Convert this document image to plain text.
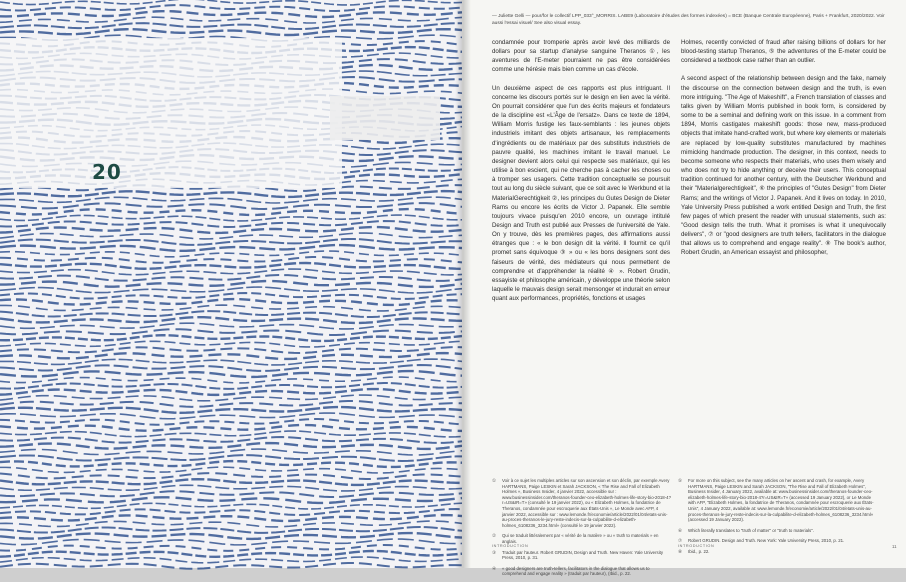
20
— Juliette Gelli — pour/for le collectif LPP_033°_MORRIS. LABE9 (Laboratoire d'études des formes indexées) = BCE (Banque Centrale Européenne), Paris + Frankfurt, 2020/2022. Voir aussi l'essai visuel/ See also visual essay.

condamnée pour tromperie après avoir levé des milliards de dollars pour sa startup d'analyse sanguine Theranos ①, les aventures de l'E-meter pourraient ne pas être considérées comme une hérésie mais bien comme un cas d'école.

Un deuxième aspect de ces rapports est plus intriguant. Il concerne les discours portés sur le design en lien avec la vérité. On pourrait considérer que l'un des écrits majeurs et fondateurs de la discipline est «L'Âge de l'ersatz». Dans ce texte de 1894, William Morris fustige les faux-semblants : les jeunes objets industriels imitant des objets artisanaux, les remplacements d'ingrédients ou de matériaux par des substituts industriels de pauvre qualité, les machines imitant le travail manuel. Le designer devient alors celui qui respecte ses matériaux, qui les utilise à bon escient, qui ne cherche pas à cacher les choses ou à tromper ses usagers. Cette tradition conceptuelle se poursuit tout au long du siècle suivant, que ce soit avec le Werkbund et la MaterialGerechtigkeit ②, les principes du Gutes Design de Dieter Rams ou encore les écrits de Victor J. Papanek. Elle semble toujours vivace puisqu'en 2010 encore, un ouvrage intitulé Design and Truth est publié aux Presses de l'université de Yale. On y trouve, dès les premières pages, des affirmations aussi étranges que : « le bon design dit la vérité. Il fournit ce qu'il promet sans équivoque ③ » ou « les bons designers sont des faiseurs de vérité, des médiateurs qui nous permettent de comprendre et d'appréhender la réalité ④ ». Robert Grudin, essayiste et philosophe américain, y développe une théorie selon laquelle le mauvais design serait mensonger et indurait en erreur quant aux performances, propriétés, fonctions et usages

Holmes, recently convicted of fraud after raising billions of dollars for her blood-testing startup Theranos, ⑤ the adventures of the E-meter could be considered a textbook case rather than an outlier.

A second aspect of the relationship between design and the fake, namely the discourse on the connection between design and the truth, is even more intriguing. "The Age of Makeshift", a French translation of classes and talks given by William Morris published in book form, is considered by some to be a seminal and defining work on this issue. In a comment from 1894, Morris castigates makeshift goods: those new, mass-produced objects that imitate hand-crafted work, but where key elements or materials are replaced by low-quality substitutes manufactured by machines mimicking handmade production. The designer, in this context, needs to become someone who respects their materials, who uses them wisely and who does not try to hide anything or deceive their users. This conceptual tradition continued for another century, with the Deutscher Werkbund and their "Materialgerechtigkeit", ⑥ the principles of "Gutes Design" from Dieter Rams; and the writings of Victor J. Papanek. And it lives on today. In 2010, Yale University Press published a work entitled Design and Truth, the first few pages of which present the reader with unusual statements, such as: "Good design tells the truth. What it promises is what it unequivocally delivers", ⑦ or "good designers are truth tellers, facilitators in the dialogue that allows us to comprehend and engage reality". ⑧ The book's author, Robert Grudin, an American essayist and philosopher,

①	Voir à ce sujet les multiples articles sur son ascension et son déclin, par exemple Avery HARTMANS, Paige LESKIN et Sarah JACKSON, « The Rise and Fall of Elizabeth Holmes », Business Insider, 4 janvier 2022, accessible sur : www.businessinsider.com/theranos-founder-ceo-elizabeth-holmes-life-story-bio-2018-4?r=US&IR=T» (consulté le 19 janvier 2022), ou « Elizabeth Holmes, la fondatrice de Theranos, condamnée pour escroquerie aux États-Unis », Le Monde avec AFP, 4 janvier 2022, accessible sur : www.lemonde.fr/economie/article/2022/01/04/etats-unis-au-proces-theranos-le-jury-reste-indecis-sur-la-culpabilite-d-elizabeth-holmes_6108236_3234.html» (consulté le 19 janvier 2022).
②	Qui se traduit littéralement par « vérité de la matière » ou « truth to materials » en anglais.
③	Traduit par l'auteur. Robert GRUDIN, Design and Truth. New Haven: Yale University Press, 2010, p. 31.
④	« good designers are truth-tellers, facilitators in the dialogue that allows us to comprehend and engage reality » (traduit par l'auteur), (Ibid., p. 22.
⑤	For more on this subject, see the many articles on her ascent and crash, for example, Avery HARTMANS, Paige LESKIN and Sarah JACKSON, "The Rise and Fall of Elizabeth Holmes", Business Insider, 4 January 2022, available at: www.businessinsider.com/theranos-founder-ceo-elizabeth-holmes-life-story-bio-2018-4?r=US&IR=T» (accessed 19 January 2022), or Le Monde with AFP, "Elizabeth Holmes, la fondatrice de Theranos, condamnée pour escroquerie aux États-Unis", 4 January 2022, available at: www.lemonde.fr/economie/article/2022/01/04/etats-unis-au-proces-theranos-le-jury-reste-indecis-sur-la-culpabilite-d-elizabeth-holmes_6108236_3234.html» (accessed 19 January 2022).
⑥	Which literally translates to "truth of matter" or "truth to materials".
⑦	Robert GRUDIN. Design and Truth. New York: Yale University Press, 2010, p. 21.
⑧	Ibid., p. 22.
INTRODUCTION	INTRODUCTION	11
